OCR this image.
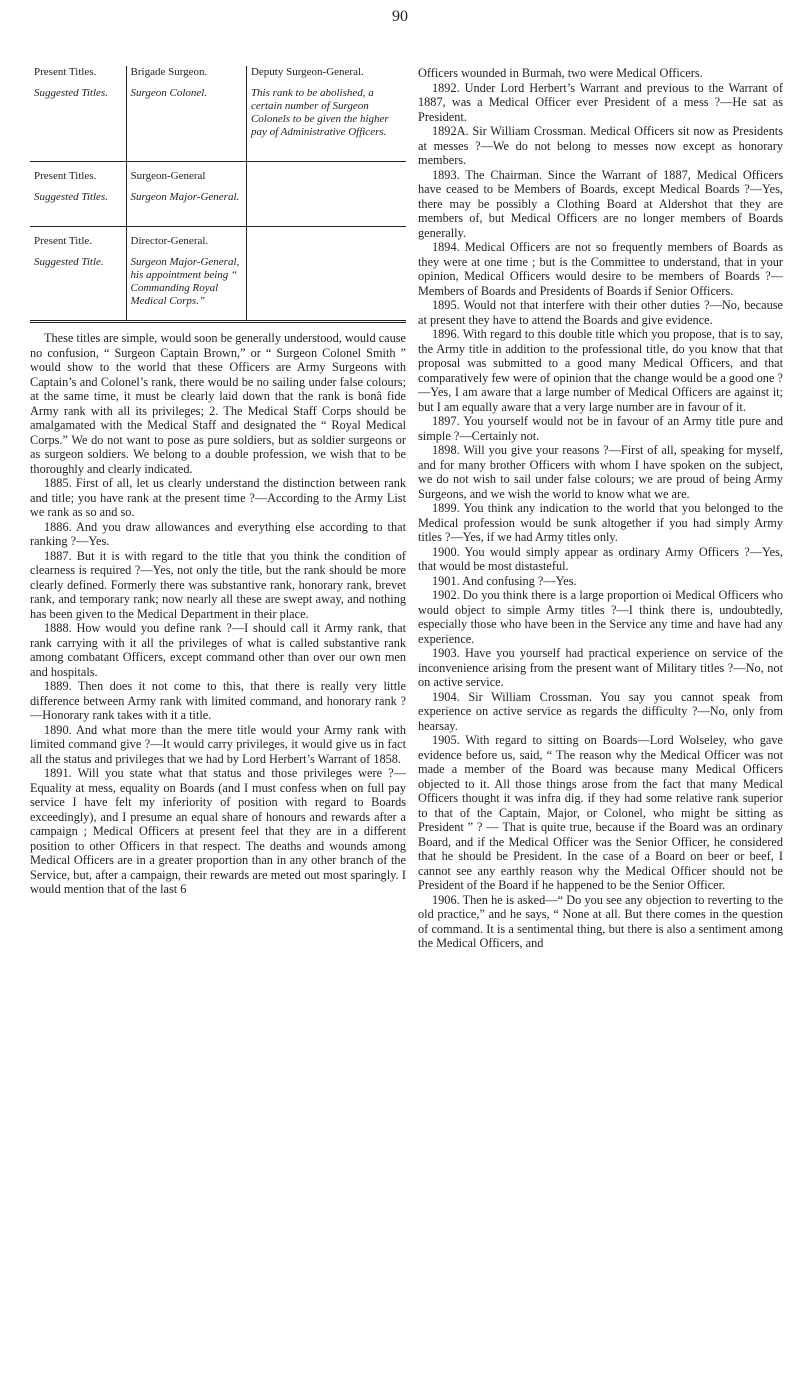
90
Present Titles.	Brigade Surgeon.	Deputy Surgeon-General.
Suggested Titles.	Surgeon Colonel.	This rank to be abolished, a certain number of Surgeon Colonels to be given the higher pay of Administrative Officers.
Present Titles.	Surgeon-General	
Suggested Titles.	Surgeon Major-General.	
Present Title.	Director-General.	
Suggested Title.	Surgeon Major-General, his appointment being “ Commanding Royal Medical Corps.”	

These titles are simple, would soon be generally understood, would cause no confusion, “ Surgeon Captain Brown,” or “ Surgeon Colonel Smith ” would show to the world that these Officers are Army Surgeons with Captain’s and Colonel’s rank, there would be no sailing under false colours; at the same time, it must be clearly laid down that the rank is bonâ fide Army rank with all its privileges; 2. The Medical Staff Corps should be amalgamated with the Medical Staff and designated the “ Royal Medical Corps.” We do not want to pose as pure soldiers, but as soldier surgeons or as surgeon soldiers. We belong to a double profession, we wish that to be thoroughly and clearly indicated.

1885. First of all, let us clearly understand the distinction between rank and title; you have rank at the present time ?—According to the Army List we rank as so and so.

1886. And you draw allowances and everything else according to that ranking ?—Yes.

1887. But it is with regard to the title that you think the condition of clearness is required ?—Yes, not only the title, but the rank should be more clearly defined. Formerly there was substantive rank, honorary rank, brevet rank, and temporary rank; now nearly all these are swept away, and nothing has been given to the Medical Department in their place.

1888. How would you define rank ?—I should call it Army rank, that rank carrying with it all the privileges of what is called substantive rank among combatant Officers, except command other than over our own men and hospitals.

1889. Then does it not come to this, that there is really very little difference between Army rank with limited command, and honorary rank ?—Honorary rank takes with it a title.

1890. And what more than the mere title would your Army rank with limited command give ?—It would carry privileges, it would give us in fact all the status and privileges that we had by Lord Herbert’s Warrant of 1858.

1891. Will you state what that status and those privileges were ?—Equality at mess, equality on Boards (and I must confess when on full pay service I have felt my inferiority of position with regard to Boards exceedingly), and I presume an equal share of honours and rewards after a campaign ; Medical Officers at present feel that they are in a different position to other Officers in that respect. The deaths and wounds among Medical Officers are in a greater proportion than in any other branch of the Service, but, after a campaign, their rewards are meted out most sparingly. I would mention that of the last 6

Officers wounded in Burmah, two were Medical Officers.

1892. Under Lord Herbert’s Warrant and previous to the Warrant of 1887, was a Medical Officer ever President of a mess ?—He sat as President.

1892A. Sir William Crossman. Medical Officers sit now as Presidents at messes ?—We do not belong to messes now except as honorary members.

1893. The Chairman. Since the Warrant of 1887, Medical Officers have ceased to be Members of Boards, except Medical Boards ?—Yes, there may be possibly a Clothing Board at Aldershot that they are members of, but Medical Officers are no longer members of Boards generally.

1894. Medical Officers are not so frequently members of Boards as they were at one time ; but is the Committee to understand, that in your opinion, Medical Officers would desire to be members of Boards ?—Members of Boards and Presidents of Boards if Senior Officers.

1895. Would not that interfere with their other duties ?—No, because at present they have to attend the Boards and give evidence.

1896. With regard to this double title which you propose, that is to say, the Army title in addition to the professional title, do you know that that proposal was submitted to a good many Medical Officers, and that comparatively few were of opinion that the change would be a good one ?—Yes, I am aware that a large number of Medical Officers are against it; but I am equally aware that a very large number are in favour of it.

1897. You yourself would not be in favour of an Army title pure and simple ?—Certainly not.

1898. Will you give your reasons ?—First of all, speaking for myself, and for many brother Officers with whom I have spoken on the subject, we do not wish to sail under false colours; we are proud of being Army Surgeons, and we wish the world to know what we are.

1899. You think any indication to the world that you belonged to the Medical profession would be sunk altogether if you had simply Army titles ?—Yes, if we had Army titles only.

1900. You would simply appear as ordinary Army Officers ?—Yes, that would be most distasteful.

1901. And confusing ?—Yes.

1902. Do you think there is a large proportion oi Medical Officers who would object to simple Army titles ?—I think there is, undoubtedly, especially those who have been in the Service any time and have had any experience.

1903. Have you yourself had practical experience on service of the inconvenience arising from the present want of Military titles ?—No, not on active service.

1904. Sir William Crossman. You say you cannot speak from experience on active service as regards the difficulty ?—No, only from hearsay.

1905. With regard to sitting on Boards—Lord Wolseley, who gave evidence before us, said, “ The reason why the Medical Officer was not made a member of the Board was because many Medical Officers objected to it. All those things arose from the fact that many Medical Officers thought it was infra dig. if they had some relative rank superior to that of the Captain, Major, or Colonel, who might be sitting as President ” ? — That is quite true, because if the Board was an ordinary Board, and if the Medical Officer was the Senior Officer, he considered that he should be President. In the case of a Board on beer or beef, I cannot see any earthly reason why the Medical Officer should not be President of the Board if he happened to be the Senior Officer.

1906. Then he is asked—“ Do you see any objection to reverting to the old practice,” and he says, “ None at all. But there comes in the question of command. It is a sentimental thing, but there is also a sentiment among the Medical Officers, and
